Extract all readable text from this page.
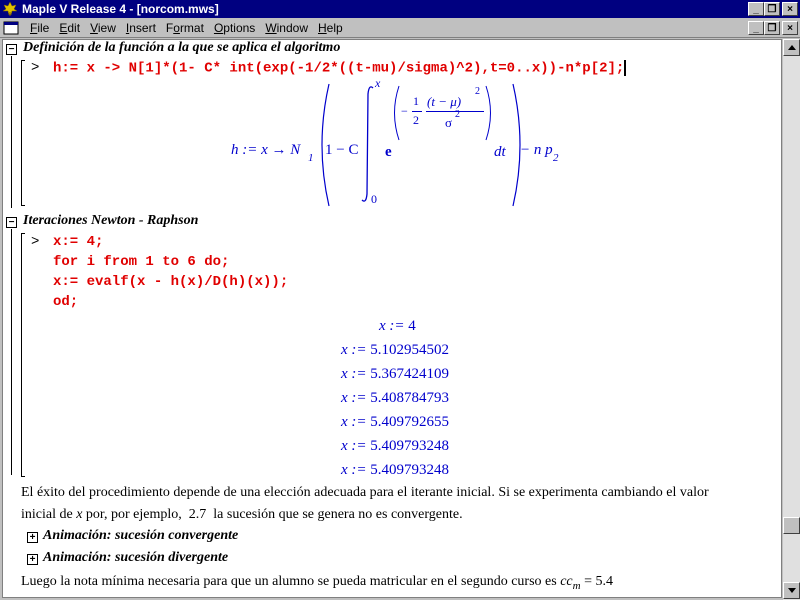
Maple V Release 4 - [norcom.mws]	_ ❐	×
File Edit View Insert Format Options Window Help	_ ❐	×
− Definición de la función a la que se aplica el algoritmo
> h:= x -> N[1]*(1- C* int(exp(-1/2*((t-mu)/sigma)^2),t=0..x))-n*p[2];
h := x → N 1 1 − C
x
0
e
−
1
2
(t − μ)
2
σ
2
dt − n p 2
− Iteraciones Newton - Raphson
> x:= 4;
for i from 1 to 6 do;
x:= evalf(x - h(x)/D(h)(x));
od;
x := 4
x := 5.102954502
x := 5.367424109
x := 5.408784793
x := 5.409792655
x := 5.409793248
x := 5.409793248
El éxito del procedimiento depende de una elección adecuada para el iterante inicial. Si se experimenta cambiando el valor
inicial de x por, por ejemplo,  2.7  la sucesión que se genera no es convergente.
+ Animación: sucesión convergente
+ Animación: sucesión divergente
Luego la nota mínima necesaria para que un alumno se pueda matricular en el segundo curso es $cc_m = 5.4$
